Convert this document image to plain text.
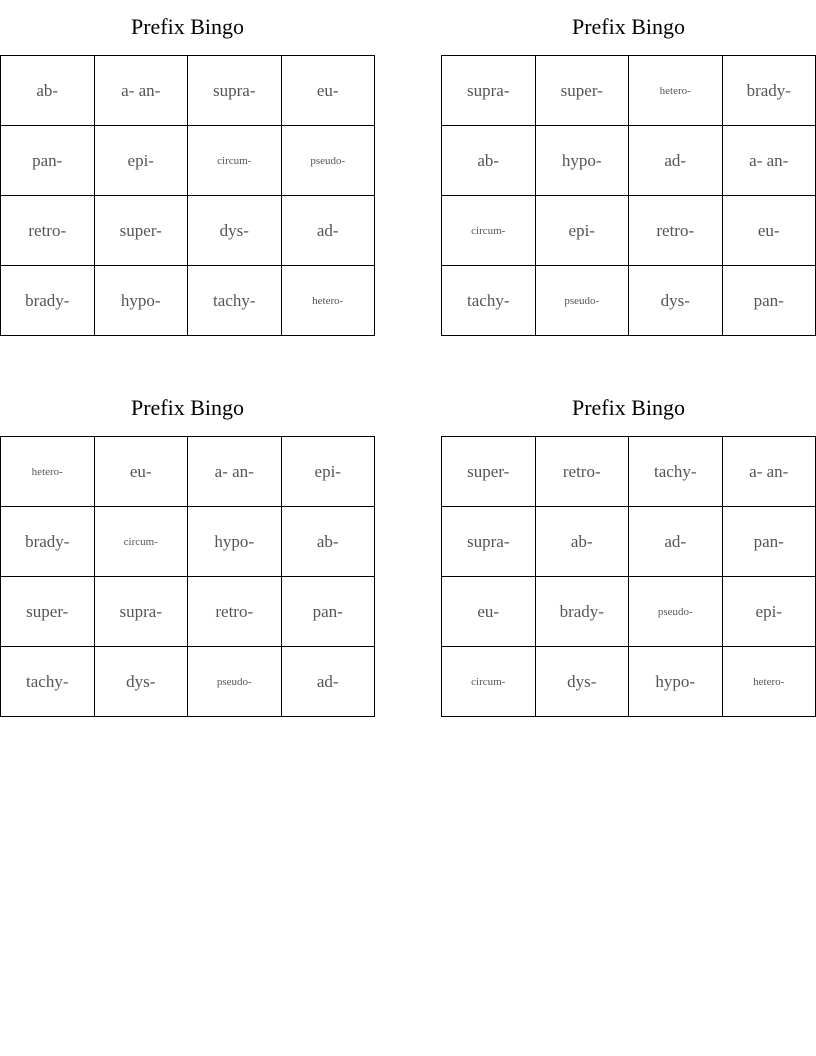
Prefix Bingo
ab-	a- an-	supra-	eu-
pan-	epi-	circum-	pseudo-
retro-	super-	dys-	ad-
brady-	hypo-	tachy-	hetero-
Prefix Bingo
supra-	super-	hetero-	brady-
ab-	hypo-	ad-	a- an-
circum-	epi-	retro-	eu-
tachy-	pseudo-	dys-	pan-
Prefix Bingo
hetero-	eu-	a- an-	epi-
brady-	circum-	hypo-	ab-
super-	supra-	retro-	pan-
tachy-	dys-	pseudo-	ad-
Prefix Bingo
super-	retro-	tachy-	a- an-
supra-	ab-	ad-	pan-
eu-	brady-	pseudo-	epi-
circum-	dys-	hypo-	hetero-
